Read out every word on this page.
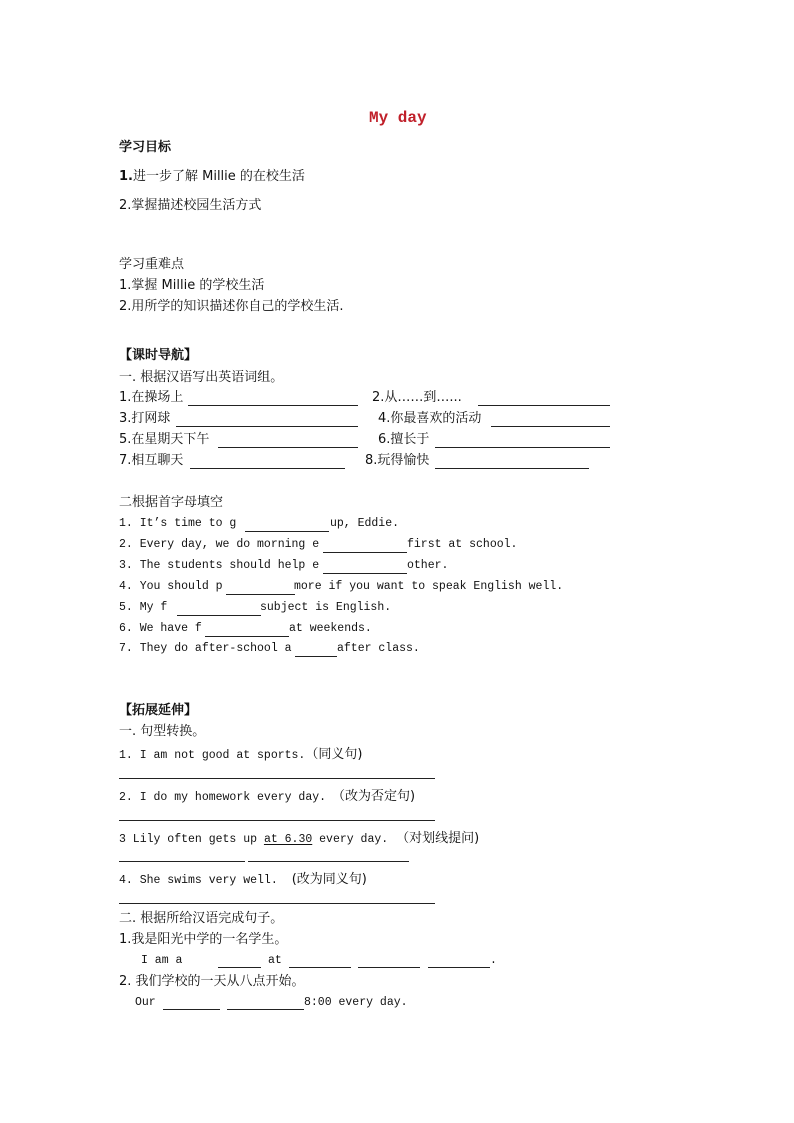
My day
学习目标
1.进一步了解 Millie 的在校生活
2.掌握描述校园生活方式
学习重难点
1.掌握 Millie 的学校生活
2.用所学的知识描述你自己的学校生活.
【课时导航】
一. 根据汉语写出英语词组。
1.在操场上	2.从……到…...
3.打网球	4.你最喜欢的活动
5.在星期天下午	6.擅长于
7.相互聊天	8.玩得愉快
二根据首字母填空
1. It’s time to g	up, Eddie.
2. Every day, we do morning e	first at school.
3. The students should help e	other.
4. You should p	more if you want to speak English well.
5. My f	subject is English.
6. We have f	at weekends.
7. They do after-school a	after class.
【拓展延伸】
一. 句型转换。
1. I am not good at sports.（同义句)
2. I do my homework every day. （改为否定句)
3 Lily often gets up at 6.30 every day. （对划线提问)
4. She swims very well. (改为同义句)
二. 根据所给汉语完成句子。
1.我是阳光中学的一名学生。
I am a	at	.
2. 我们学校的一天从八点开始。
Our	8:00 every day.
